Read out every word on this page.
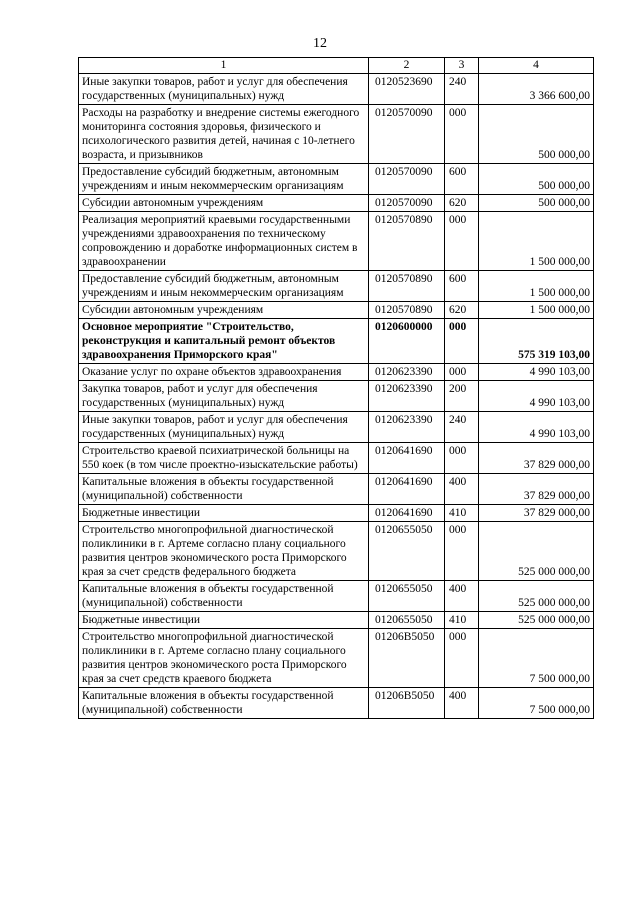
12
1	2	3	4
Иные закупки товаров, работ и услуг для обеспечения государственных (муниципальных) нужд	0120523690	240	3 366 600,00
Расходы на разработку и внедрение системы ежегодного мониторинга состояния здоровья, физического и психологического развития детей, начиная с 10-летнего возраста, и призывников	0120570090	000	500 000,00
Предоставление субсидий бюджетным, автономным учреждениям и иным некоммерческим организациям	0120570090	600	500 000,00
Субсидии автономным учреждениям	0120570090	620	500 000,00
Реализация мероприятий краевыми государственными учреждениями здравоохранения по техническому сопровождению и доработке информационных систем в здравоохранении	0120570890	000	1 500 000,00
Предоставление субсидий бюджетным, автономным учреждениям и иным некоммерческим организациям	0120570890	600	1 500 000,00
Субсидии автономным учреждениям	0120570890	620	1 500 000,00
Основное мероприятие "Строительство, реконструкция и капитальный ремонт объектов здравоохранения Приморского края"	0120600000	000	575 319 103,00
Оказание услуг по охране объектов здравоохранения	0120623390	000	4 990 103,00
Закупка товаров, работ и услуг для обеспечения государственных (муниципальных) нужд	0120623390	200	4 990 103,00
Иные закупки товаров, работ и услуг для обеспечения государственных (муниципальных) нужд	0120623390	240	4 990 103,00
Строительство краевой психиатрической больницы на 550 коек (в том числе проектно-изыскательские работы)	0120641690	000	37 829 000,00
Капитальные вложения в объекты государственной (муниципальной) собственности	0120641690	400	37 829 000,00
Бюджетные инвестиции	0120641690	410	37 829 000,00
Строительство многопрофильной диагностической поликлиники в г. Артеме согласно плану социального развития центров экономического роста Приморского края за счет средств федерального бюджета	0120655050	000	525 000 000,00
Капитальные вложения в объекты государственной (муниципальной) собственности	0120655050	400	525 000 000,00
Бюджетные инвестиции	0120655050	410	525 000 000,00
Строительство многопрофильной диагностической поликлиники в г. Артеме согласно плану социального развития центров экономического роста Приморского края за счет средств краевого бюджета	01206B5050	000	7 500 000,00
Капитальные вложения в объекты государственной (муниципальной) собственности	01206B5050	400	7 500 000,00
